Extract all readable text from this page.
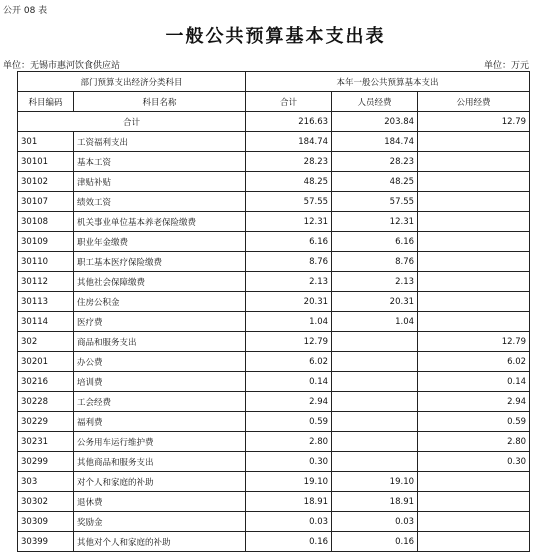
公开 08 表
一般公共预算基本支出表
单位：无锡市惠河饮食供应站	单位：万元
部门预算支出经济分类科目		本年一般公共预算基本支出		
科目编码	科目名称	合计	人员经费	公用经费
合计		216.63	203.84	12.79
301	工资福利支出	184.74	184.74	
30101	基本工资	28.23	28.23	
30102	津贴补贴	48.25	48.25	
30107	绩效工资	57.55	57.55	
30108	机关事业单位基本养老保险缴费	12.31	12.31	
30109	职业年金缴费	6.16	6.16	
30110	职工基本医疗保险缴费	8.76	8.76	
30112	其他社会保障缴费	2.13	2.13	
30113	住房公积金	20.31	20.31	
30114	医疗费	1.04	1.04	
302	商品和服务支出	12.79		12.79
30201	办公费	6.02		6.02
30216	培训费	0.14		0.14
30228	工会经费	2.94		2.94
30229	福利费	0.59		0.59
30231	公务用车运行维护费	2.80		2.80
30299	其他商品和服务支出	0.30		0.30
303	对个人和家庭的补助	19.10	19.10	
30302	退休费	18.91	18.91	
30309	奖励金	0.03	0.03	
30399	其他对个人和家庭的补助	0.16	0.16	
